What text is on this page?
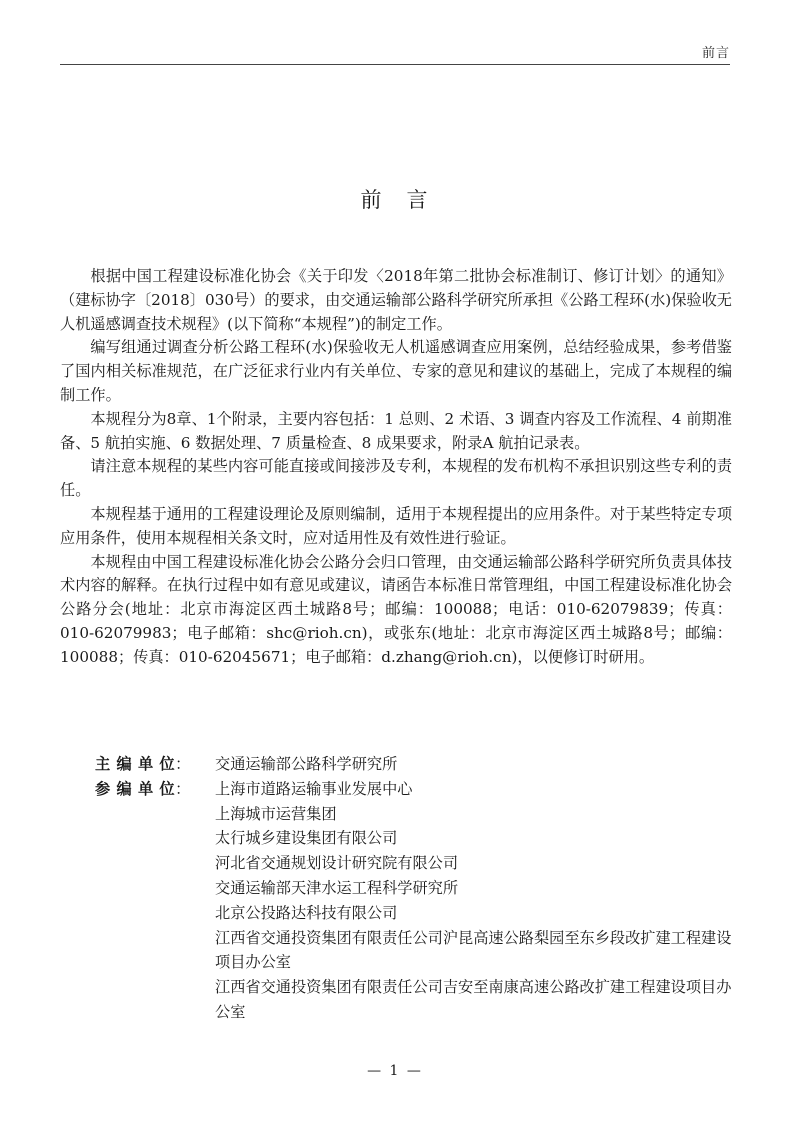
前言
前　言

根据中国工程建设标准化协会《关于印发〈2018年第二批协会标准制订、修订计划〉的通知》（建标协字〔2018〕030号）的要求，由交通运输部公路科学研究所承担《公路工程环(水)保验收无人机遥感调查技术规程》(以下简称“本规程”)的制定工作。

编写组通过调查分析公路工程环(水)保验收无人机遥感调查应用案例，总结经验成果，参考借鉴了国内相关标准规范，在广泛征求行业内有关单位、专家的意见和建议的基础上，完成了本规程的编制工作。

本规程分为8章、1个附录，主要内容包括：1 总则、2 术语、3 调查内容及工作流程、4 前期准备、5 航拍实施、6 数据处理、7 质量检查、8 成果要求，附录A 航拍记录表。

请注意本规程的某些内容可能直接或间接涉及专利，本规程的发布机构不承担识别这些专利的责任。

本规程基于通用的工程建设理论及原则编制，适用于本规程提出的应用条件。对于某些特定专项应用条件，使用本规程相关条文时，应对适用性及有效性进行验证。

本规程由中国工程建设标准化协会公路分会归口管理，由交通运输部公路科学研究所负责具体技术内容的解释。在执行过程中如有意见或建议，请函告本标准日常管理组，中国工程建设标准化协会公路分会(地址：北京市海淀区西土城路8号；邮编：100088；电话：010-62079839；传真：010-62079983；电子邮箱：shc@rioh.cn)，或张东(地址：北京市海淀区西土城路8号；邮编：100088；传真：010-62045671；电子邮箱：d.zhang@rioh.cn)，以便修订时研用。

主 编 单 位：	交通运输部公路科学研究所

参 编 单 位：	上海市道路运输事业发展中心

上海城市运营集团

太行城乡建设集团有限公司

河北省交通规划设计研究院有限公司

交通运输部天津水运工程科学研究所

北京公投路达科技有限公司

江西省交通投资集团有限责任公司沪昆高速公路梨园至东乡段改扩建工程建设项目办公室

江西省交通投资集团有限责任公司吉安至南康高速公路改扩建工程建设项目办公室

— 1 —
